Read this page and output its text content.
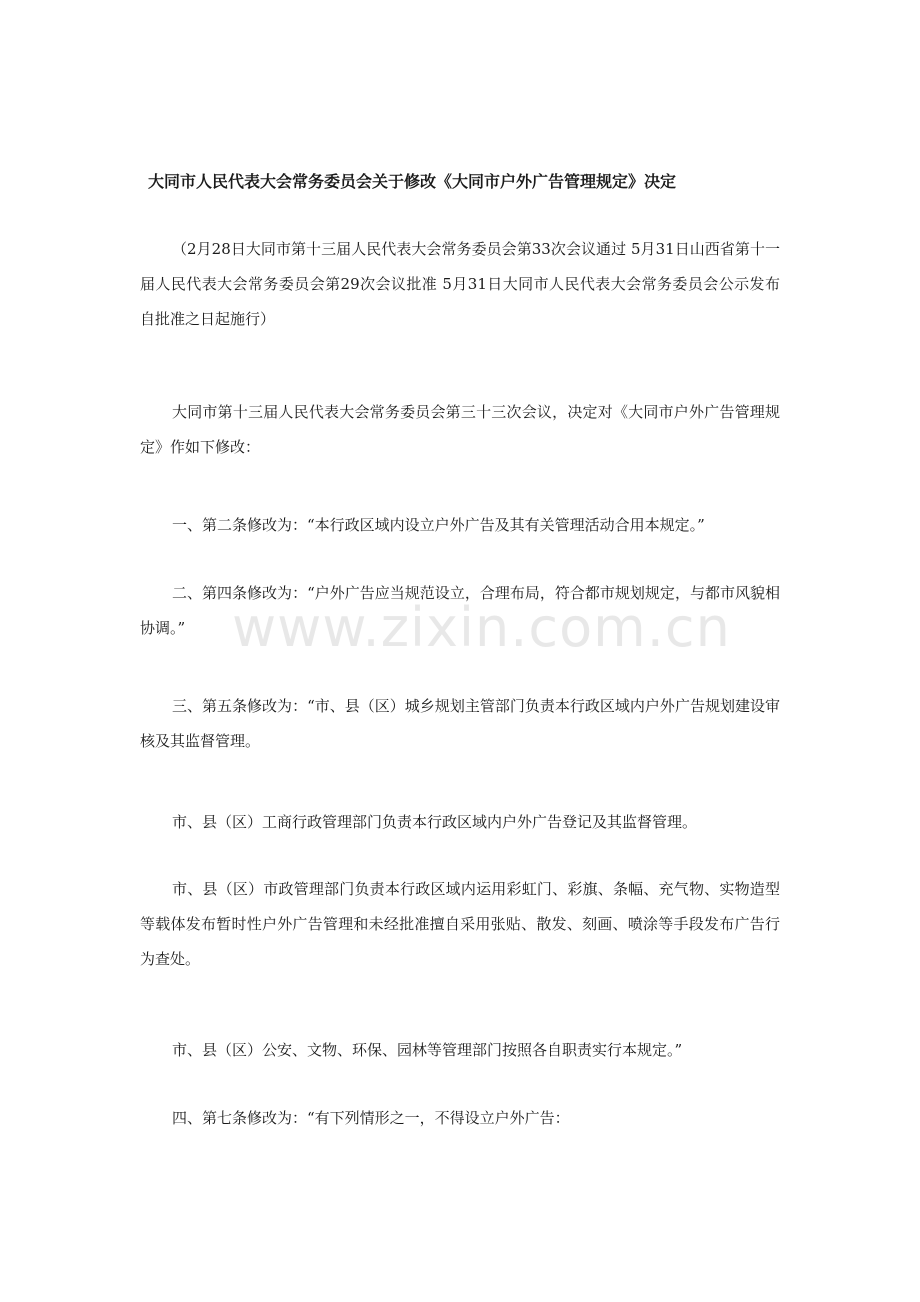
大同市人民代表大会常务委员会关于修改《大同市户外广告管理规定》决定

（2月28日大同市第十三届人民代表大会常务委员会第33次会议通过 5月31日山西省第十一届人民代表大会常务委员会第29次会议批准 5月31日大同市人民代表大会常务委员会公示发布 自批准之日起施行）

大同市第十三届人民代表大会常务委员会第三十三次会议，决定对《大同市户外广告管理规定》作如下修改：

一、第二条修改为：“本行政区域内设立户外广告及其有关管理活动合用本规定。”

二、第四条修改为：“户外广告应当规范设立，合理布局，符合都市规划规定，与都市风貌相协调。”

三、第五条修改为：“市、县（区）城乡规划主管部门负责本行政区域内户外广告规划建设审核及其监督管理。

市、县（区）工商行政管理部门负责本行政区域内户外广告登记及其监督管理。

市、县（区）市政管理部门负责本行政区域内运用彩虹门、彩旗、条幅、充气物、实物造型等载体发布暂时性户外广告管理和未经批准擅自采用张贴、散发、刻画、喷涂等手段发布广告行为查处。

市、县（区）公安、文物、环保、园林等管理部门按照各自职责实行本规定。”

四、第七条修改为：“有下列情形之一，不得设立户外广告：

www.zixin.com.cn
